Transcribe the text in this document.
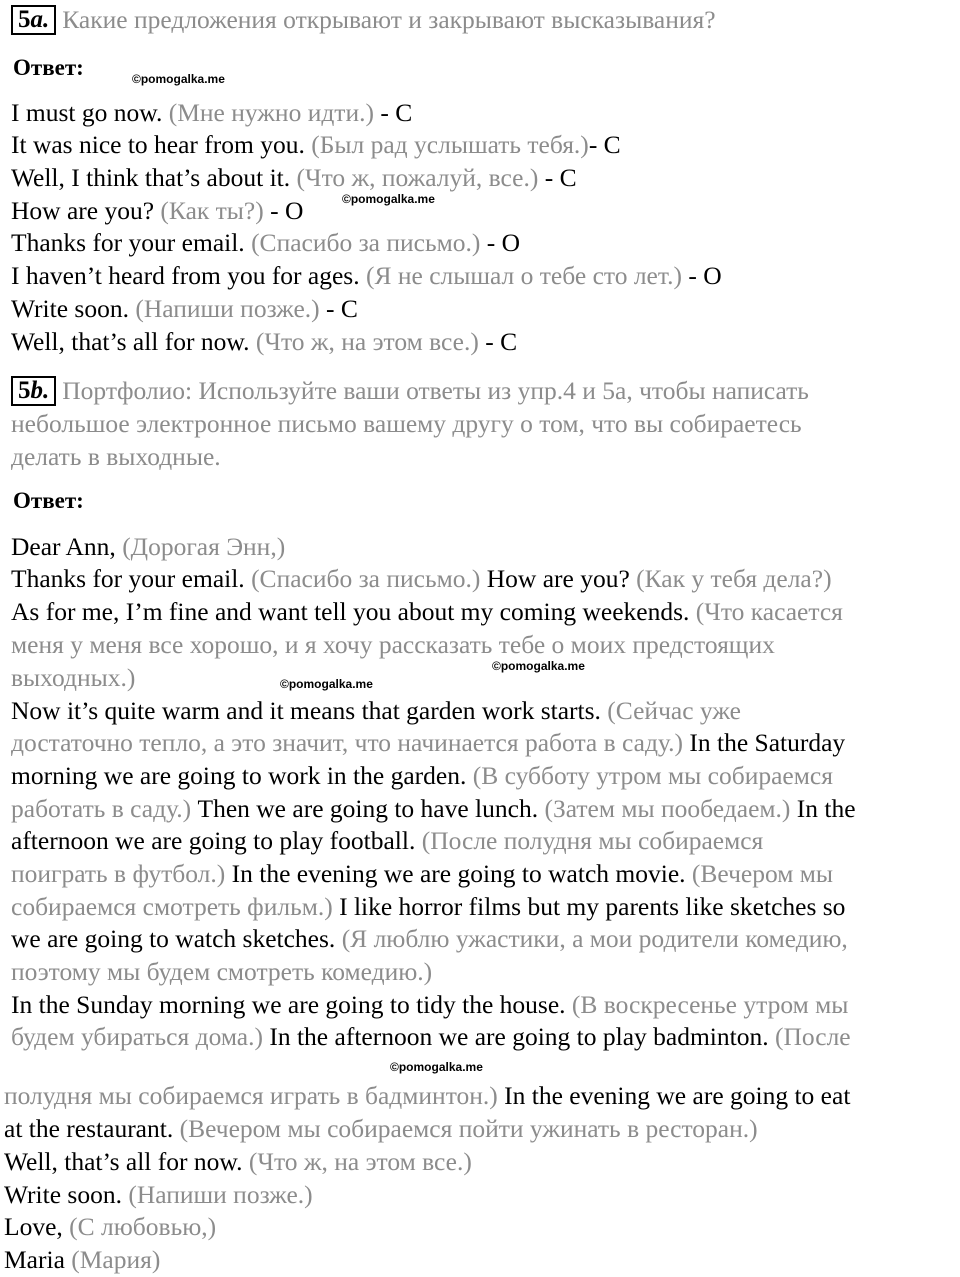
5a. Какие предложения открывают и закрывают высказывания?
Ответ:	©pomogalka.me
I must go now. (Мне нужно идти.) - C
It was nice to hear from you. (Был рад услышать тебя.)- C
Well, I think that’s about it. (Что ж, пожалуй, все.) - C
How are you? (Как ты?) - O
Thanks for your email. (Спасибо за письмо.) - O
I haven’t heard from you for ages. (Я не слышал о тебе сто лет.) - O
Write soon. (Напиши позже.) - C
Well, that’s all for now. (Что ж, на этом все.) - C
©pomogalka.me
5b. Портфолио: Используйте ваши ответы из упр.4 и 5a, чтобы написать
небольшое электронное письмо вашему другу о том, что вы собираетесь
делать в выходные.
Ответ:
Dear Ann, (Дорогая Энн,)
Thanks for your email. (Спасибо за письмо.) How are you? (Как у тебя дела?)
As for me, I’m fine and want tell you about my coming weekends. (Что касается
меня у меня все хорошо, и я хочу рассказать тебе о моих предстоящих
выходных.)	©pomogalka.me
©pomogalka.me
Now it’s quite warm and it means that garden work starts. (Сейчас уже
достаточно тепло, а это значит, что начинается работа в саду.) In the Saturday
morning we are going to work in the garden. (В субботу утром мы собираемся
работать в саду.) Then we are going to have lunch. (Затем мы пообедаем.) In the
afternoon we are going to play football. (После полудня мы собираемся
поиграть в футбол.) In the evening we are going to watch movie. (Вечером мы
собираемся смотреть фильм.) I like horror films but my parents like sketches so
we are going to watch sketches. (Я люблю ужастики, а мои родители комедию,
поэтому мы будем смотреть комедию.)
In the Sunday morning we are going to tidy the house. (В воскресенье утром мы
будем убираться дома.) In the afternoon we are going to play badminton. (После
©pomogalka.me
полудня мы собираемся играть в бадминтон.) In the evening we are going to eat
at the restaurant. (Вечером мы собираемся пойти ужинать в ресторан.)
Well, that’s all for now. (Что ж, на этом все.)
Write soon. (Напиши позже.)
Love, (С любовью,)
Maria (Мария)
